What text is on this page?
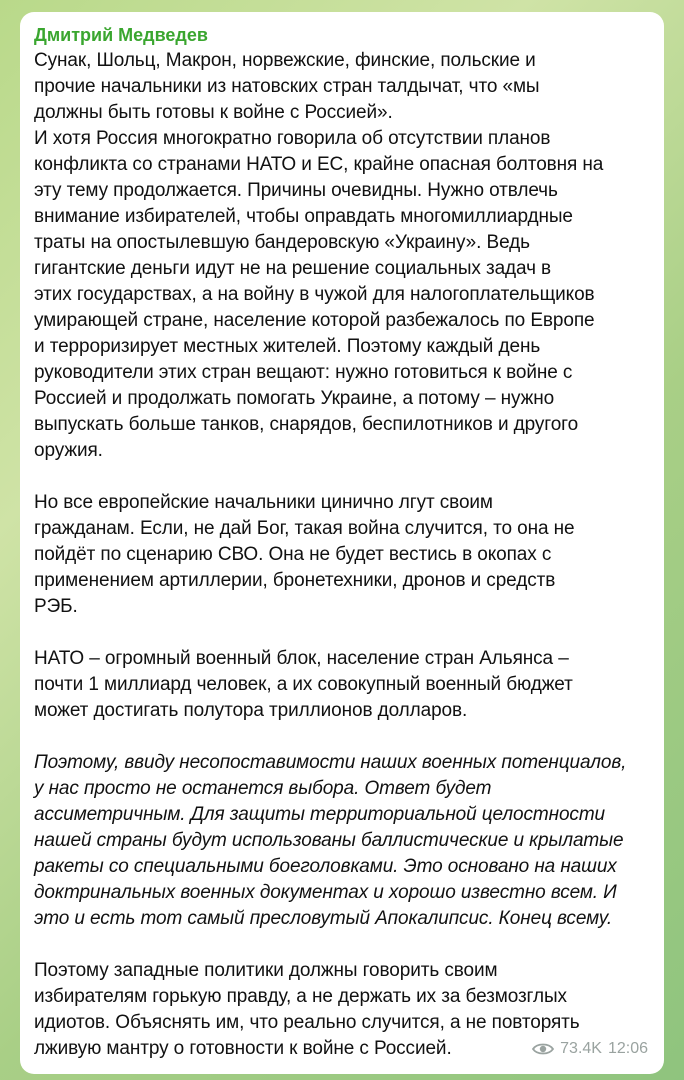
Дмитрий Медведев

Сунак, Шольц, Макрон, норвежские, финские, польские и
прочие начальники из натовских стран талдычат, что «мы
должны быть готовы к войне с Россией».
И хотя Россия многократно говорила об отсутствии планов
конфликта со странами НАТО и ЕС, крайне опасная болтовня на
эту тему продолжается. Причины очевидны. Нужно отвлечь
внимание избирателей, чтобы оправдать многомиллиардные
траты на опостылевшую бандеровскую «Украину». Ведь
гигантские деньги идут не на решение социальных задач в
этих государствах, а на войну в чужой для налогоплательщиков
умирающей стране, население которой разбежалось по Европе
и терроризирует местных жителей. Поэтому каждый день
руководители этих стран вещают: нужно готовиться к войне с
Россией и продолжать помогать Украине, а потому – нужно
выпускать больше танков, снарядов, беспилотников и другого
оружия.

Но все европейские начальники цинично лгут своим
гражданам. Если, не дай Бог, такая война случится, то она не
пойдёт по сценарию СВО. Она не будет вестись в окопах с
применением артиллерии, бронетехники, дронов и средств
РЭБ.

НАТО – огромный военный блок, население стран Альянса –
почти 1 миллиард человек, а их совокупный военный бюджет
может достигать полутора триллионов долларов.

Поэтому, ввиду несопоставимости наших военных потенциалов,
у нас просто не останется выбора. Ответ будет
ассиметричным. Для защиты территориальной целостности
нашей страны будут использованы баллистические и крылатые
ракеты со специальными боеголовками. Это основано на наших
доктринальных военных документах и хорошо известно всем. И
это и есть тот самый пресловутый Апокалипсис. Конец всему.

Поэтому западные политики должны говорить своим
избирателям горькую правду, а не держать их за безмозглых
идиотов. Объяснять им, что реально случится, а не повторять
лживую мантру о готовности к войне с Россией.	73.4K 12:06
